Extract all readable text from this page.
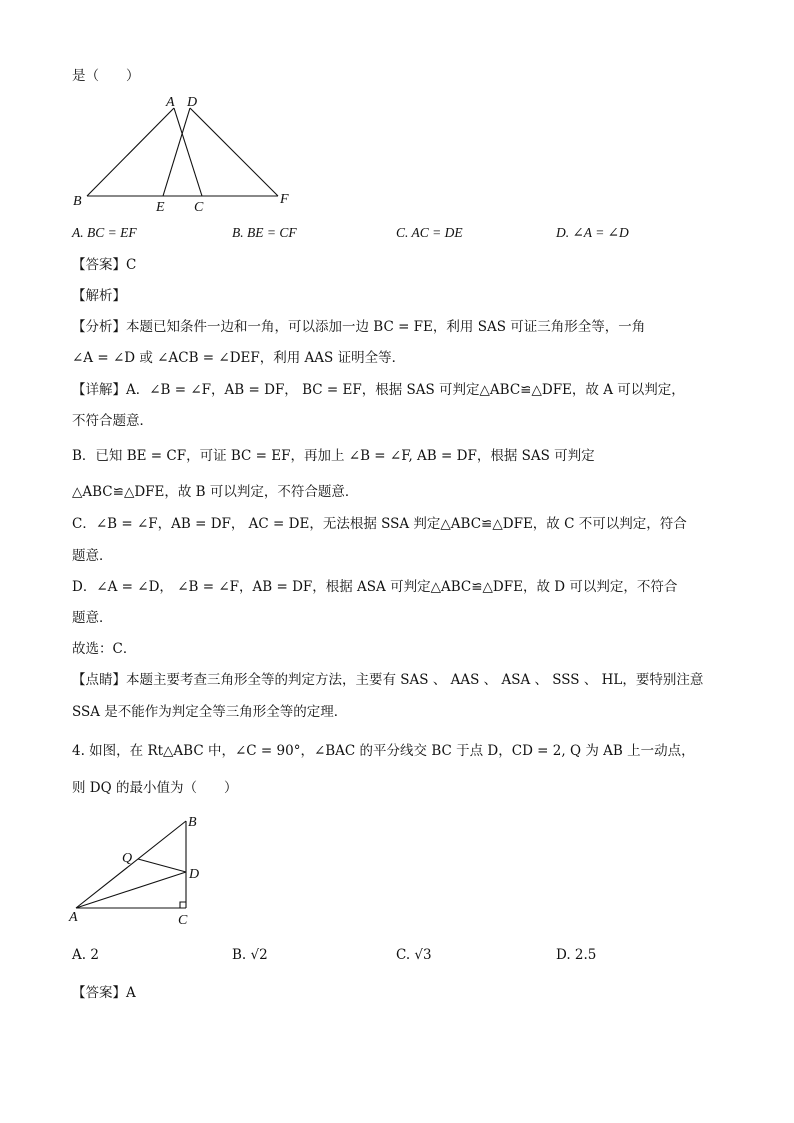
是（　　）
A D
B	E C
F
A. BC = EF	B. BE = CF	C. AC = DE	D. ∠A = ∠D
【答案】C
【解析】
【分析】本题已知条件一边和一角，可以添加一边 BC = FE，利用 SAS 可证三角形全等，一角
∠A = ∠D 或 ∠ACB = ∠DEF，利用 AAS 证明全等．
【详解】A．∠B = ∠F，AB = DF， BC = EF，根据 SAS 可判定△ABC≌△DFE，故 A 可以判定，
不符合题意．
B．已知 BE = CF，可证 BC = EF，再加上 ∠B = ∠F, AB = DF，根据 SAS 可判定
△ABC≌△DFE，故 B 可以判定，不符合题意．
C．∠B = ∠F，AB = DF， AC = DE，无法根据 SSA 判定△ABC≌△DFE，故 C 不可以判定，符合
题意．
D．∠A = ∠D， ∠B = ∠F，AB = DF，根据 ASA 可判定△ABC≌△DFE，故 D 可以判定，不符合
题意．
故选：C．
【点睛】本题主要考查三角形全等的判定方法，主要有 SAS 、 AAS 、 ASA 、 SSS 、 HL，要特别注意
SSA 是不能作为判定全等三角形全等的定理．
4. 如图，在 Rt△ABC 中，∠C = 90°，∠BAC 的平分线交 BC 于点 D，CD = 2, Q 为 AB 上一动点，
则 DQ 的最小值为（　　）
B
Q
D
A	C
A. 2	B. √2	C. √3	D. 2.5
【答案】A
